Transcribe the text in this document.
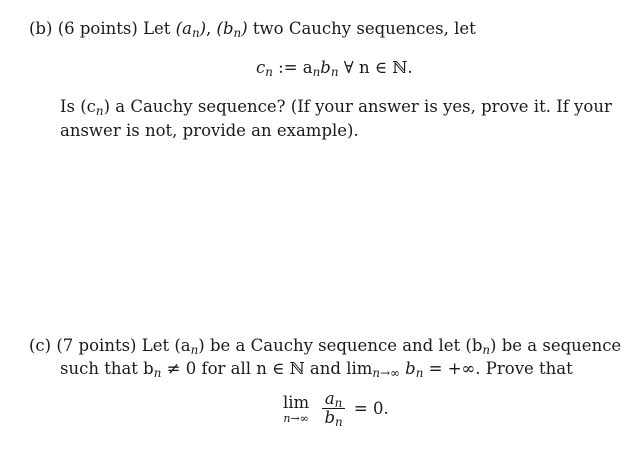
(b) (6 points) Let $(a_n)$, $(b_n)$ two Cauchy sequences, let
$c_n$ := $a_nb_n$ ∀ n ∈ ℕ.
Is $(c_n)$ a Cauchy sequence? (If your answer is yes, prove it. If your
answer is not, provide an example).
(c) (7 points) Let $(a_n)$ be a Cauchy sequence and let $(b_n)$ be a sequence
such that $b_n \ne 0$ for all n ∈ ℕ and $\lim_{n\to\infty} b_n$ = +∞. Prove that
lim
n→∞
$\frac{a_n}{b_n} = 0$.
